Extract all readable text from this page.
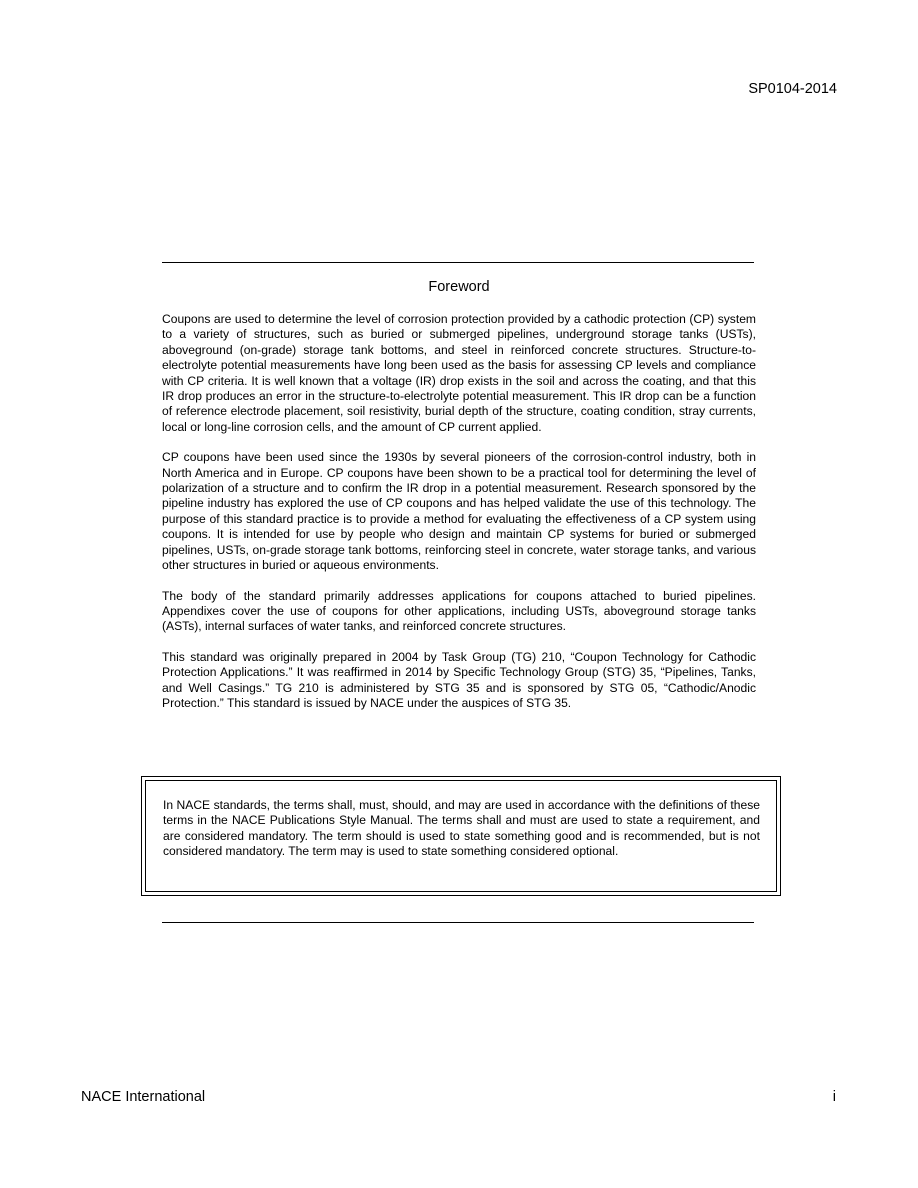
SP0104-2014

Foreword

Coupons are used to determine the level of corrosion protection provided by a cathodic protection (CP) system to a variety of structures, such as buried or submerged pipelines, underground storage tanks (USTs), aboveground (on-grade) storage tank bottoms, and steel in reinforced concrete structures. Structure-to-electrolyte potential measurements have long been used as the basis for assessing CP levels and compliance with CP criteria. It is well known that a voltage (IR) drop exists in the soil and across the coating, and that this IR drop produces an error in the structure-to-electrolyte potential measurement. This IR drop can be a function of reference electrode placement, soil resistivity, burial depth of the structure, coating condition, stray currents, local or long-line corrosion cells, and the amount of CP current applied.

CP coupons have been used since the 1930s by several pioneers of the corrosion-control industry, both in North America and in Europe. CP coupons have been shown to be a practical tool for determining the level of polarization of a structure and to confirm the IR drop in a potential measurement. Research sponsored by the pipeline industry has explored the use of CP coupons and has helped validate the use of this technology. The purpose of this standard practice is to provide a method for evaluating the effectiveness of a CP system using coupons. It is intended for use by people who design and maintain CP systems for buried or submerged pipelines, USTs, on-grade storage tank bottoms, reinforcing steel in concrete, water storage tanks, and various other structures in buried or aqueous environments.

The body of the standard primarily addresses applications for coupons attached to buried pipelines. Appendixes cover the use of coupons for other applications, including USTs, aboveground storage tanks (ASTs), internal surfaces of water tanks, and reinforced concrete structures.

This standard was originally prepared in 2004 by Task Group (TG) 210, “Coupon Technology for Cathodic Protection Applications.” It was reaffirmed in 2014 by Specific Technology Group (STG) 35, “Pipelines, Tanks, and Well Casings.” TG 210 is administered by STG 35 and is sponsored by STG 05, “Cathodic/Anodic Protection.” This standard is issued by NACE under the auspices of STG 35.

In NACE standards, the terms shall, must, should, and may are used in accordance with the definitions of these terms in the NACE Publications Style Manual. The terms shall and must are used to state a requirement, and are considered mandatory. The term should is used to state something good and is recommended, but is not considered mandatory. The term may is used to state something considered optional.

NACE International	i
